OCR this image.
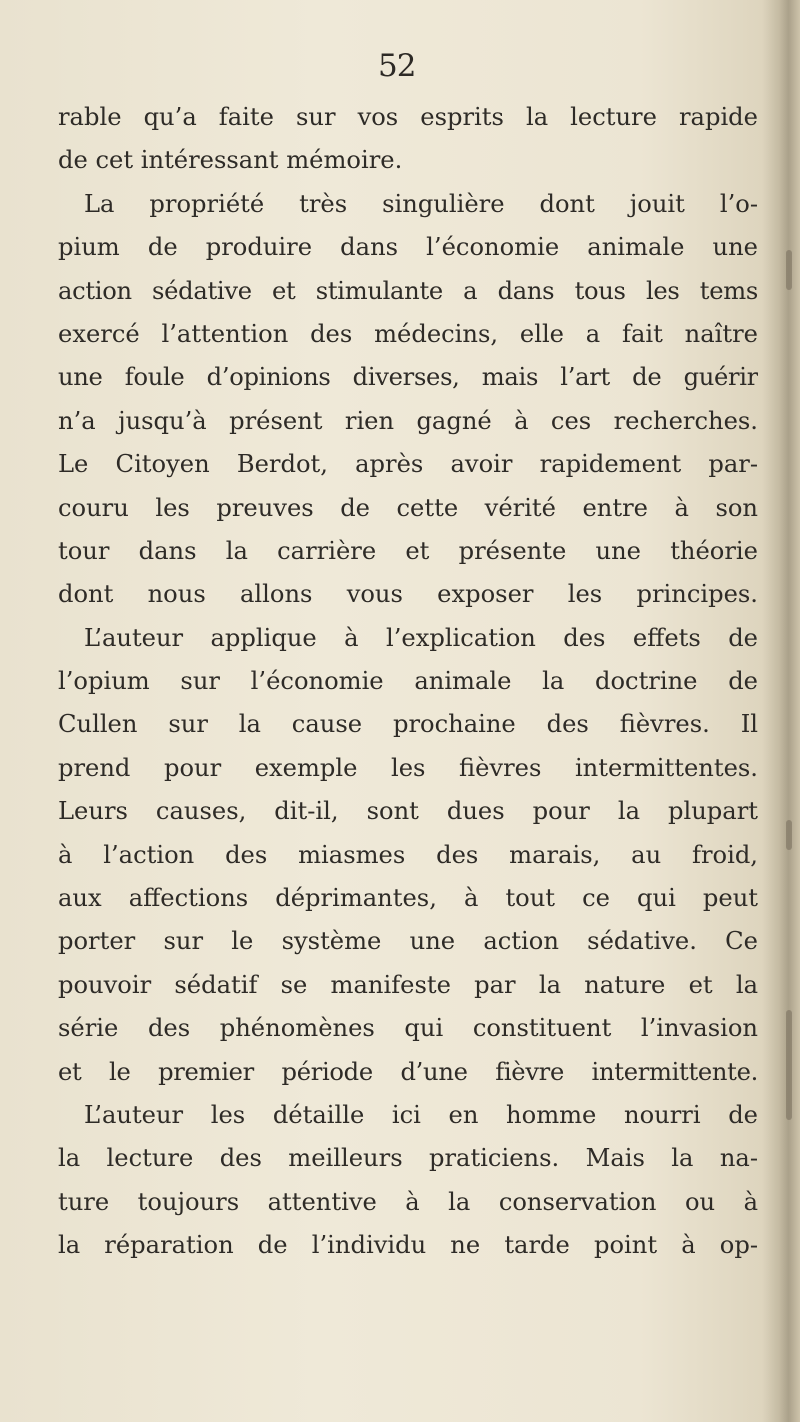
52
rable qu’a faite sur vos esprits la lecture rapide
de cet intéressant mémoire.
La propriété très singulière dont jouit l’o-
pium de produire dans l’économie animale une
action sédative et stimulante a dans tous les tems
exercé l’attention des médecins, elle a fait naître
une foule d’opinions diverses, mais l’art de guérir
n’a jusqu’à présent rien gagné à ces recherches.
Le Citoyen Berdot, après avoir rapidement par-
couru les preuves de cette vérité entre à son
tour dans la carrière et présente une théorie
dont nous allons vous exposer les principes.
L’auteur applique à l’explication des effets de
l’opium sur l’économie animale la doctrine de
Cullen sur la cause prochaine des fièvres. Il
prend pour exemple les fièvres intermittentes.
Leurs causes, dit-il, sont dues pour la plupart
à l’action des miasmes des marais, au froid,
aux affections déprimantes, à tout ce qui peut
porter sur le système une action sédative. Ce
pouvoir sédatif se manifeste par la nature et la
série des phénomènes qui constituent l’invasion
et le premier période d’une fièvre intermittente.
L’auteur les détaille ici en homme nourri de
la lecture des meilleurs praticiens. Mais la na-
ture toujours attentive à la conservation ou à
la réparation de l’individu ne tarde point à op-
